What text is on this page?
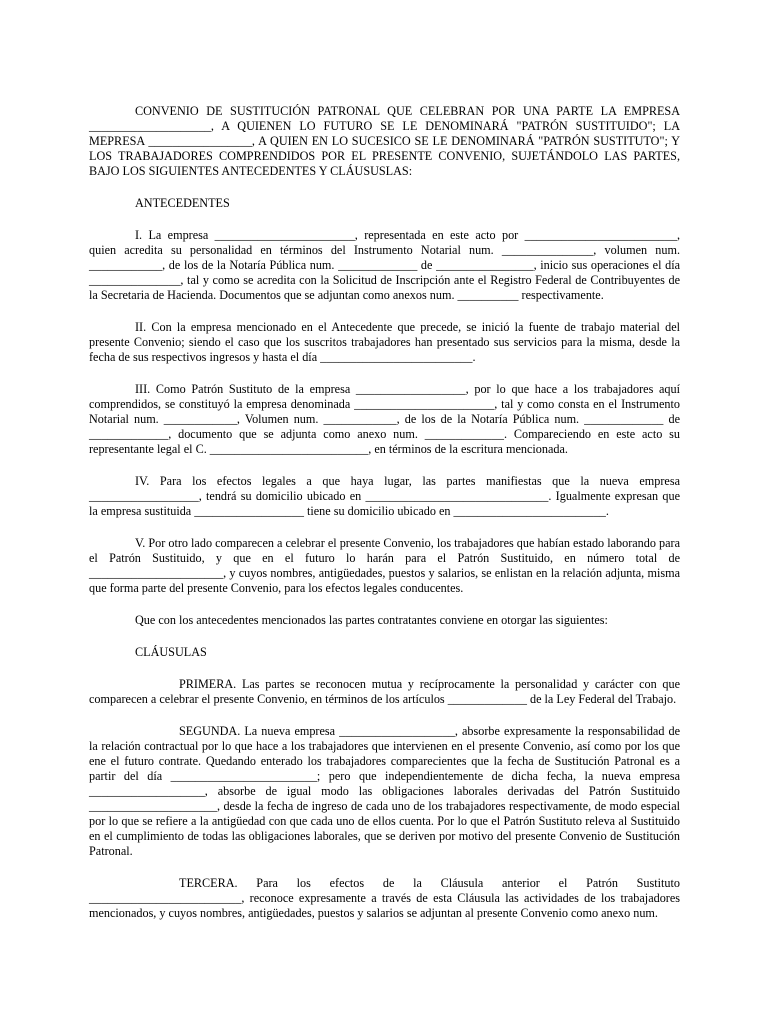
CONVENIO DE SUSTITUCIÓN PATRONAL QUE CELEBRAN POR UNA PARTE LA EMPRESA ____________________, A QUIENEN LO FUTURO SE LE DENOMINARÁ "PATRÓN SUSTITUIDO"; LA MEPRESA _________________, A QUIEN EN LO SUCESICO SE LE DENOMINARÁ "PATRÓN SUSTITUTO"; Y LOS TRABAJADORES COMPRENDIDOS POR EL PRESENTE CONVENIO, SUJETÁNDOLO LAS PARTES, BAJO LOS SIGUIENTES ANTECEDENTES Y CLÁUSUSLAS:

ANTECEDENTES

I. La empresa _______________________, representada en este acto por _________________________, quien acredita su personalidad en términos del Instrumento Notarial num. _______________, volumen num. ____________, de los de la Notaría Pública num. _____________ de ________________, inicio sus operaciones el día _______________, tal y como se acredita con la Solicitud de Inscripción ante el Registro Federal de Contribuyentes de la Secretaria de Hacienda. Documentos que se adjuntan como anexos num. __________ respectivamente.

II. Con la empresa mencionado en el Antecedente que precede, se inició la fuente de trabajo material del presente Convenio; siendo el caso que los suscritos trabajadores han presentado sus servicios para la misma, desde la fecha de sus respectivos ingresos y hasta el día _________________________.

III. Como Patrón Sustituto de la empresa __________________, por lo que hace a los trabajadores aquí comprendidos, se constituyó la empresa denominada _______________________, tal y como consta en el Instrumento Notarial num. ____________, Volumen num. ____________, de los de la Notaría Pública num. _____________ de _____________, documento que se adjunta como anexo num. _____________. Compareciendo en este acto su representante legal el C. __________________________, en términos de la escritura mencionada.

IV. Para los efectos legales a que haya lugar, las partes manifiestas que la nueva empresa __________________, tendrá su domicilio ubicado en ______________________________. Igualmente expresan que la empresa sustituida __________________ tiene su domicilio ubicado en _________________________.

V. Por otro lado comparecen a celebrar el presente Convenio, los trabajadores que habían estado laborando para el Patrón Sustituido, y que en el futuro lo harán para el Patrón Sustituido, en número total de ______________________, y cuyos nombres, antigüedades, puestos y salarios, se enlistan en la relación adjunta, misma que forma parte del presente Convenio, para los efectos legales conducentes.

Que con los antecedentes mencionados las partes contratantes conviene en otorgar las siguientes:

CLÁUSULAS

PRIMERA. Las partes se reconocen mutua y recíprocamente la personalidad y carácter con que comparecen a celebrar el presente Convenio, en términos de los artículos _____________ de la Ley Federal del Trabajo.

SEGUNDA. La nueva empresa ___________________, absorbe expresamente la responsabilidad de la relación contractual por lo que hace a los trabajadores que intervienen en el presente Convenio, así como por los que ene el futuro contrate. Quedando enterado los trabajadores comparecientes que la fecha de Sustitución Patronal es a partir del día ________________________; pero que independientemente de dicha fecha, la nueva empresa ___________________, absorbe de igual modo las obligaciones laborales derivadas del Patrón Sustituido _____________________, desde la fecha de ingreso de cada uno de los trabajadores respectivamente, de modo especial por lo que se refiere a la antigüedad con que cada uno de ellos cuenta. Por lo que el Patrón Sustituto releva al Sustituido en el cumplimiento de todas las obligaciones laborales, que se deriven por motivo del presente Convenio de Sustitución Patronal.

TERCERA. Para los efectos de la Cláusula anterior el Patrón Sustituto _________________________, reconoce expresamente a través de esta Cláusula las actividades de los trabajadores mencionados, y cuyos nombres, antigüedades, puestos y salarios se adjuntan al presente Convenio como anexo num.
